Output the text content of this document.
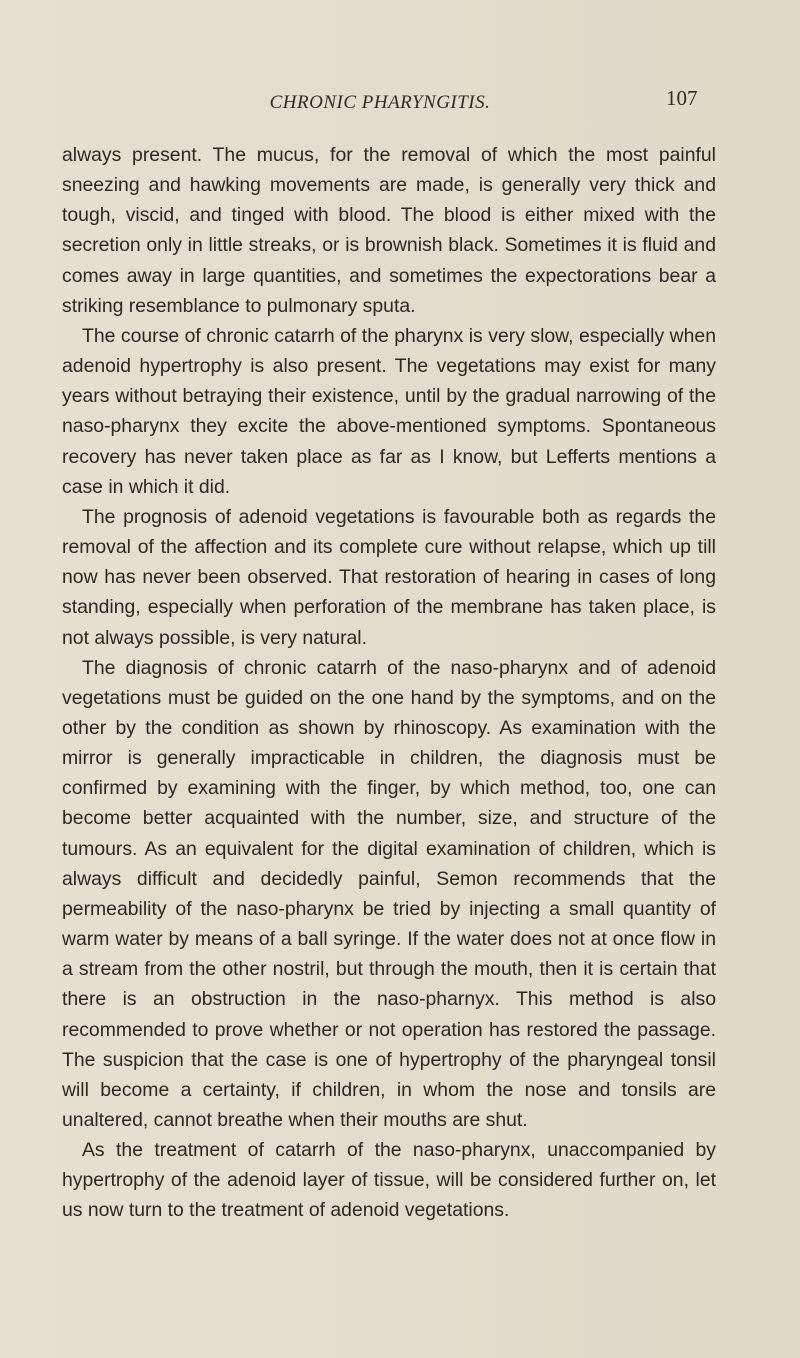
CHRONIC PHARYNGITIS.	107

always present. The mucus, for the removal of which the most painful sneezing and hawking movements are made, is generally very thick and tough, viscid, and tinged with blood. The blood is either mixed with the secretion only in little streaks, or is brownish black. Sometimes it is fluid and comes away in large quantities, and sometimes the expectorations bear a striking resemblance to pulmonary sputa.

The course of chronic catarrh of the pharynx is very slow, especially when adenoid hypertrophy is also present. The vegetations may exist for many years without betraying their existence, until by the gradual narrowing of the naso-pharynx they excite the above-mentioned symptoms. Spontaneous recovery has never taken place as far as I know, but Lefferts mentions a case in which it did.

The prognosis of adenoid vegetations is favourable both as regards the removal of the affection and its complete cure without relapse, which up till now has never been observed. That restoration of hearing in cases of long standing, especially when perforation of the membrane has taken place, is not always possible, is very natural.

The diagnosis of chronic catarrh of the naso-pharynx and of adenoid vegetations must be guided on the one hand by the symptoms, and on the other by the condition as shown by rhinoscopy. As examination with the mirror is generally impracticable in children, the diagnosis must be confirmed by examining with the finger, by which method, too, one can become better acquainted with the number, size, and structure of the tumours. As an equivalent for the digital examination of children, which is always difficult and decidedly painful, Semon recommends that the permeability of the naso-pharynx be tried by injecting a small quantity of warm water by means of a ball syringe. If the water does not at once flow in a stream from the other nostril, but through the mouth, then it is certain that there is an obstruction in the naso-pharnyx. This method is also recommended to prove whether or not operation has restored the passage. The suspicion that the case is one of hypertrophy of the pharyngeal tonsil will become a certainty, if children, in whom the nose and tonsils are unaltered, cannot breathe when their mouths are shut.

As the treatment of catarrh of the naso-pharynx, unaccompanied by hypertrophy of the adenoid layer of tissue, will be considered further on, let us now turn to the treatment of adenoid vegetations.
